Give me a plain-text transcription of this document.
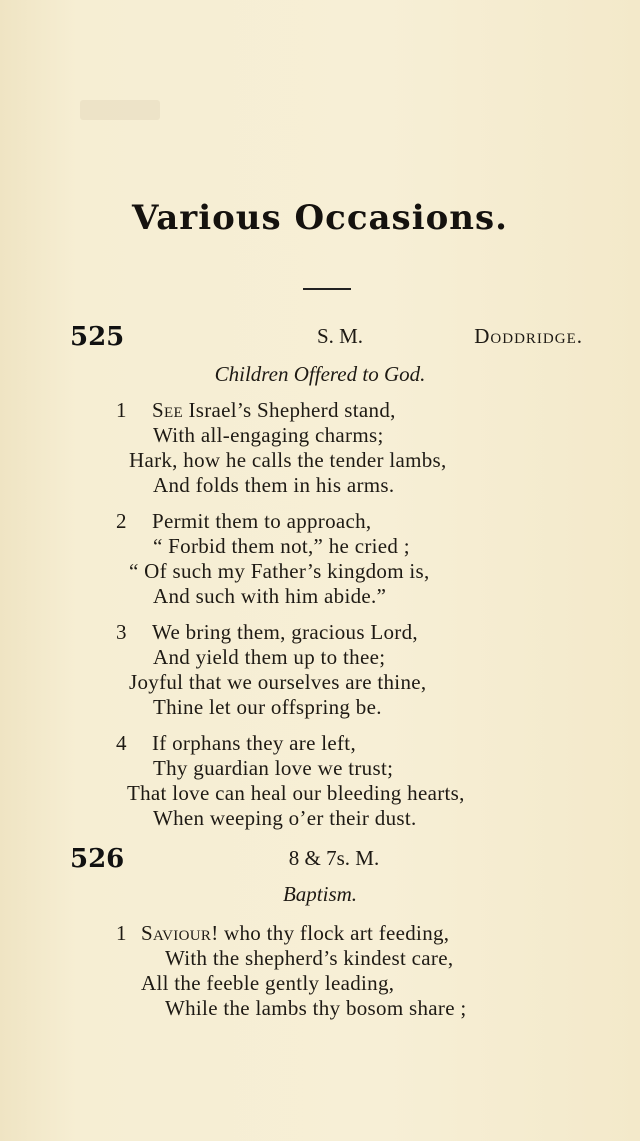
Various Occasions.
525	S. M.	Doddridge.
Children Offered to God.
1 See Israel’s Shepherd stand,
With all-engaging charms;
Hark, how he calls the tender lambs,
And folds them in his arms.
2 Permit them to approach,
“ Forbid them not,” he cried ;
“ Of such my Father’s kingdom is,
And such with him abide.”
3 We bring them, gracious Lord,
And yield them up to thee;
Joyful that we ourselves are thine,
Thine let our offspring be.
4 If orphans they are left,
Thy guardian love we trust;
That love can heal our bleeding hearts,
When weeping o’er their dust.
526	8 & 7s. M.
Baptism.
1 Saviour! who thy flock art feeding,
With the shepherd’s kindest care,
All the feeble gently leading,
While the lambs thy bosom share ;
